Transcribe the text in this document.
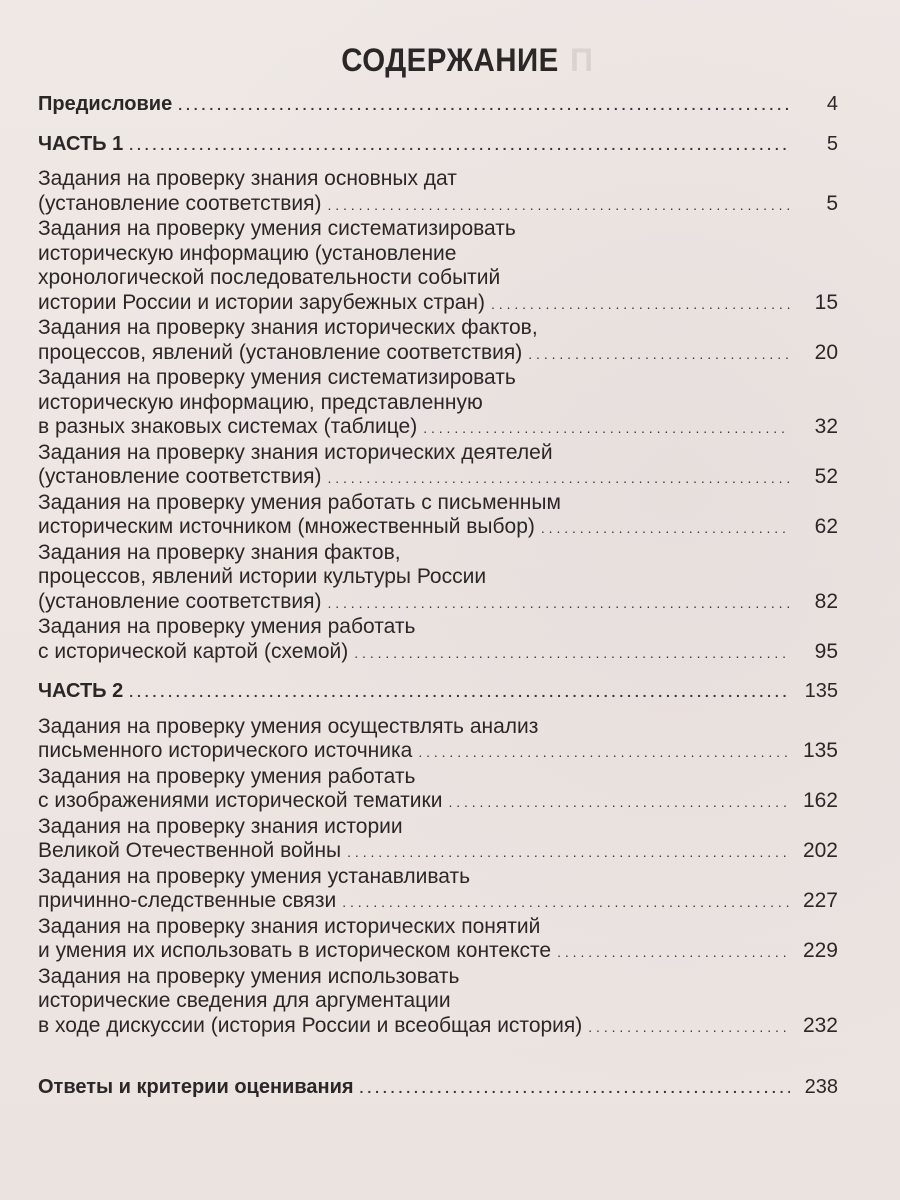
П
СОДЕРЖАНИЕ
Предисловие . . .	4
ЧАСТЬ 1 . . .	5
Задания на проверку знания основных дат
(установление соответствия) . . .	5
Задания на проверку умения систематизировать
историческую информацию (установление
хронологической последовательности событий
истории России и истории зарубежных стран) . . .	15
Задания на проверку знания исторических фактов,
процессов, явлений (установление соответствия) . . .	20
Задания на проверку умения систематизировать
историческую информацию, представленную
в разных знаковых системах (таблице) . . .	32
Задания на проверку знания исторических деятелей
(установление соответствия) . . .	52
Задания на проверку умения работать с письменным
историческим источником (множественный выбор) . . .	62
Задания на проверку знания фактов,
процессов, явлений истории культуры России
(установление соответствия) . . .	82
Задания на проверку умения работать
с исторической картой (схемой) . . .	95
ЧАСТЬ 2 . . .	135
Задания на проверку умения осуществлять анализ
письменного исторического источника . . .	135
Задания на проверку умения работать
с изображениями исторической тематики . . .	162
Задания на проверку знания истории
Великой Отечественной войны . . .	202
Задания на проверку умения устанавливать
причинно-следственные связи . . .	227
Задания на проверку знания исторических понятий
и умения их использовать в историческом контексте . . .	229
Задания на проверку умения использовать
исторические сведения для аргументации
в ходе дискуссии (история России и всеобщая история) . . .	232
Ответы и критерии оценивания . . .	238
